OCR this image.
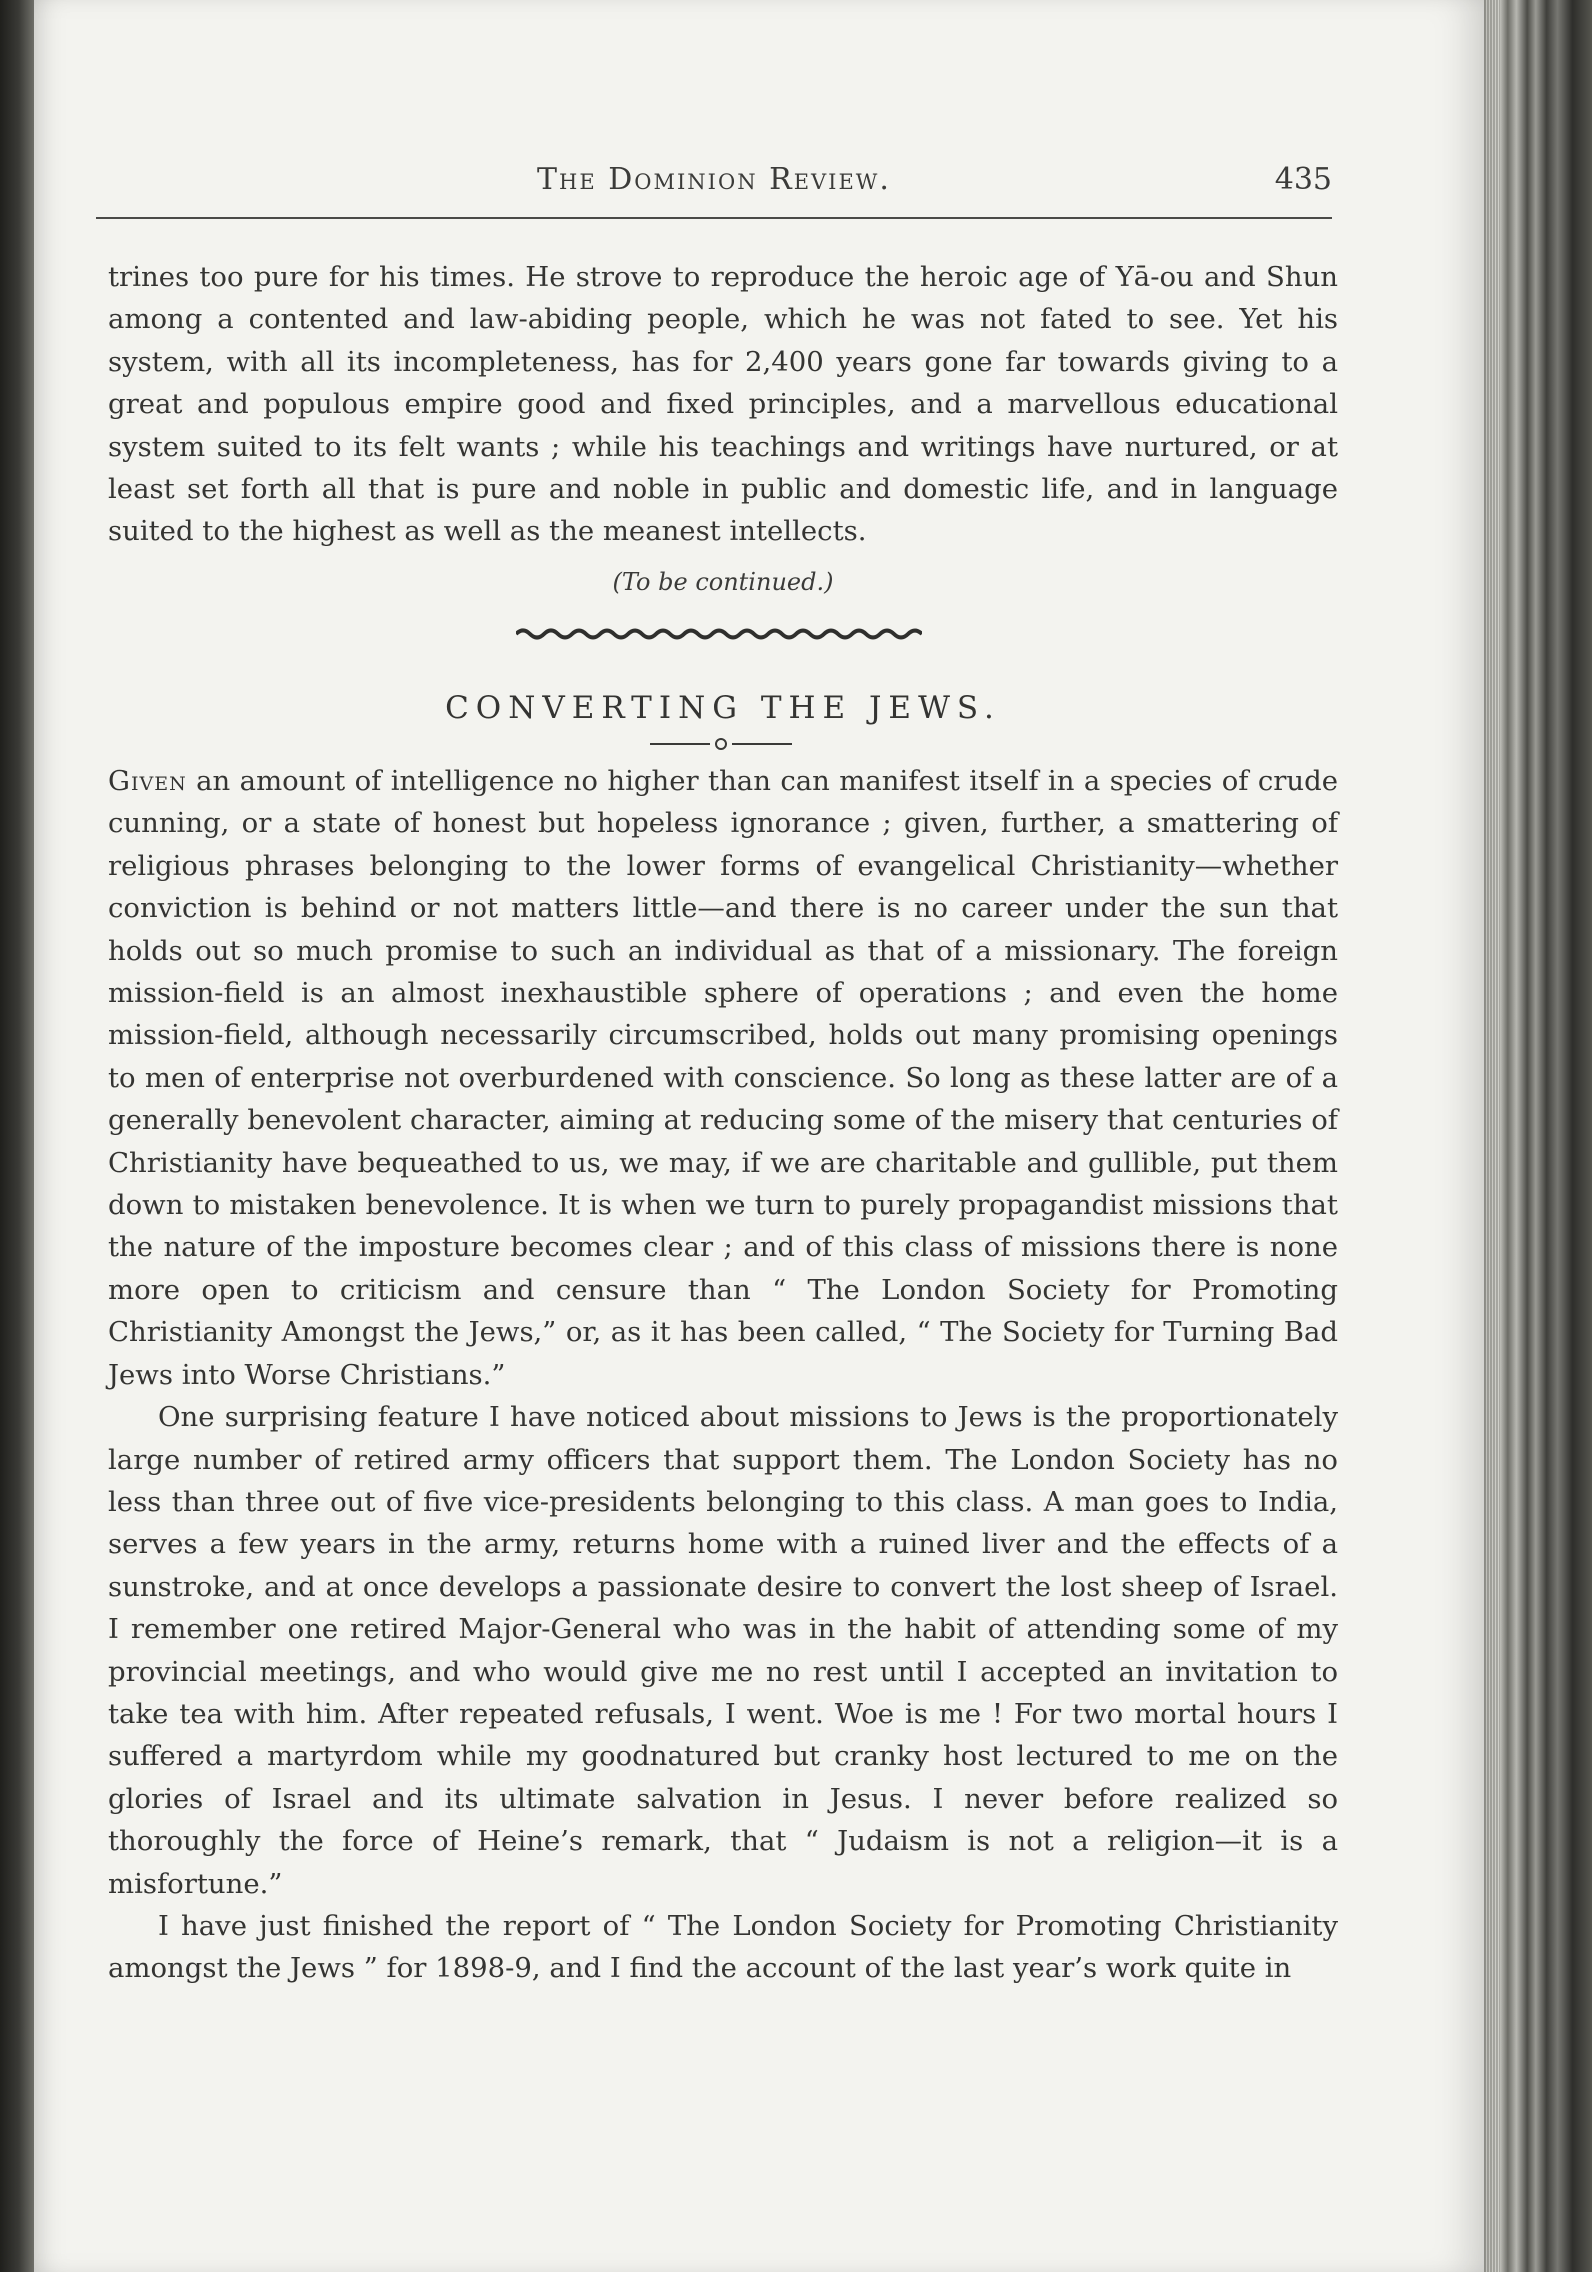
The Dominion Review.	435

trines too pure for his times. He strove to reproduce the heroic age of Yā-ou and Shun among a contented and law-abiding people, which he was not fated to see. Yet his system, with all its incompleteness, has for 2,400 years gone far towards giving to a great and populous empire good and fixed principles, and a marvellous educational system suited to its felt wants ; while his teachings and writings have nurtured, or at least set forth all that is pure and noble in public and domestic life, and in language suited to the highest as well as the meanest intellects.

(To be continued.)
CONVERTING THE JEWS.

Given an amount of intelligence no higher than can manifest itself in a species of crude cunning, or a state of honest but hopeless ignorance ; given, further, a smattering of religious phrases belonging to the lower forms of evangelical Christianity—whether conviction is behind or not matters little—and there is no career under the sun that holds out so much promise to such an individual as that of a missionary. The foreign mission-field is an almost inexhaustible sphere of operations ; and even the home mission-field, although necessarily circumscribed, holds out many promising openings to men of enterprise not overburdened with conscience. So long as these latter are of a generally benevolent character, aiming at reducing some of the misery that centuries of Christianity have bequeathed to us, we may, if we are charitable and gullible, put them down to mistaken benevolence. It is when we turn to purely propagandist missions that the nature of the imposture becomes clear ; and of this class of missions there is none more open to criticism and censure than “ The London Society for Promoting Christianity Amongst the Jews,” or, as it has been called, “ The Society for Turning Bad Jews into Worse Christians.”

One surprising feature I have noticed about missions to Jews is the proportionately large number of retired army officers that support them. The London Society has no less than three out of five vice-presidents belonging to this class. A man goes to India, serves a few years in the army, returns home with a ruined liver and the effects of a sunstroke, and at once develops a passionate desire to convert the lost sheep of Israel. I remember one retired Major-General who was in the habit of attending some of my provincial meetings, and who would give me no rest until I accepted an invitation to take tea with him. After repeated refusals, I went. Woe is me ! For two mortal hours I suffered a martyrdom while my goodnatured but cranky host lectured to me on the glories of Israel and its ultimate salvation in Jesus. I never before realized so thoroughly the force of Heine’s remark, that “ Judaism is not a religion—it is a misfortune.”

I have just finished the report of “ The London Society for Promoting Christianity amongst the Jews ” for 1898-9, and I find the account of the last year’s work quite in
